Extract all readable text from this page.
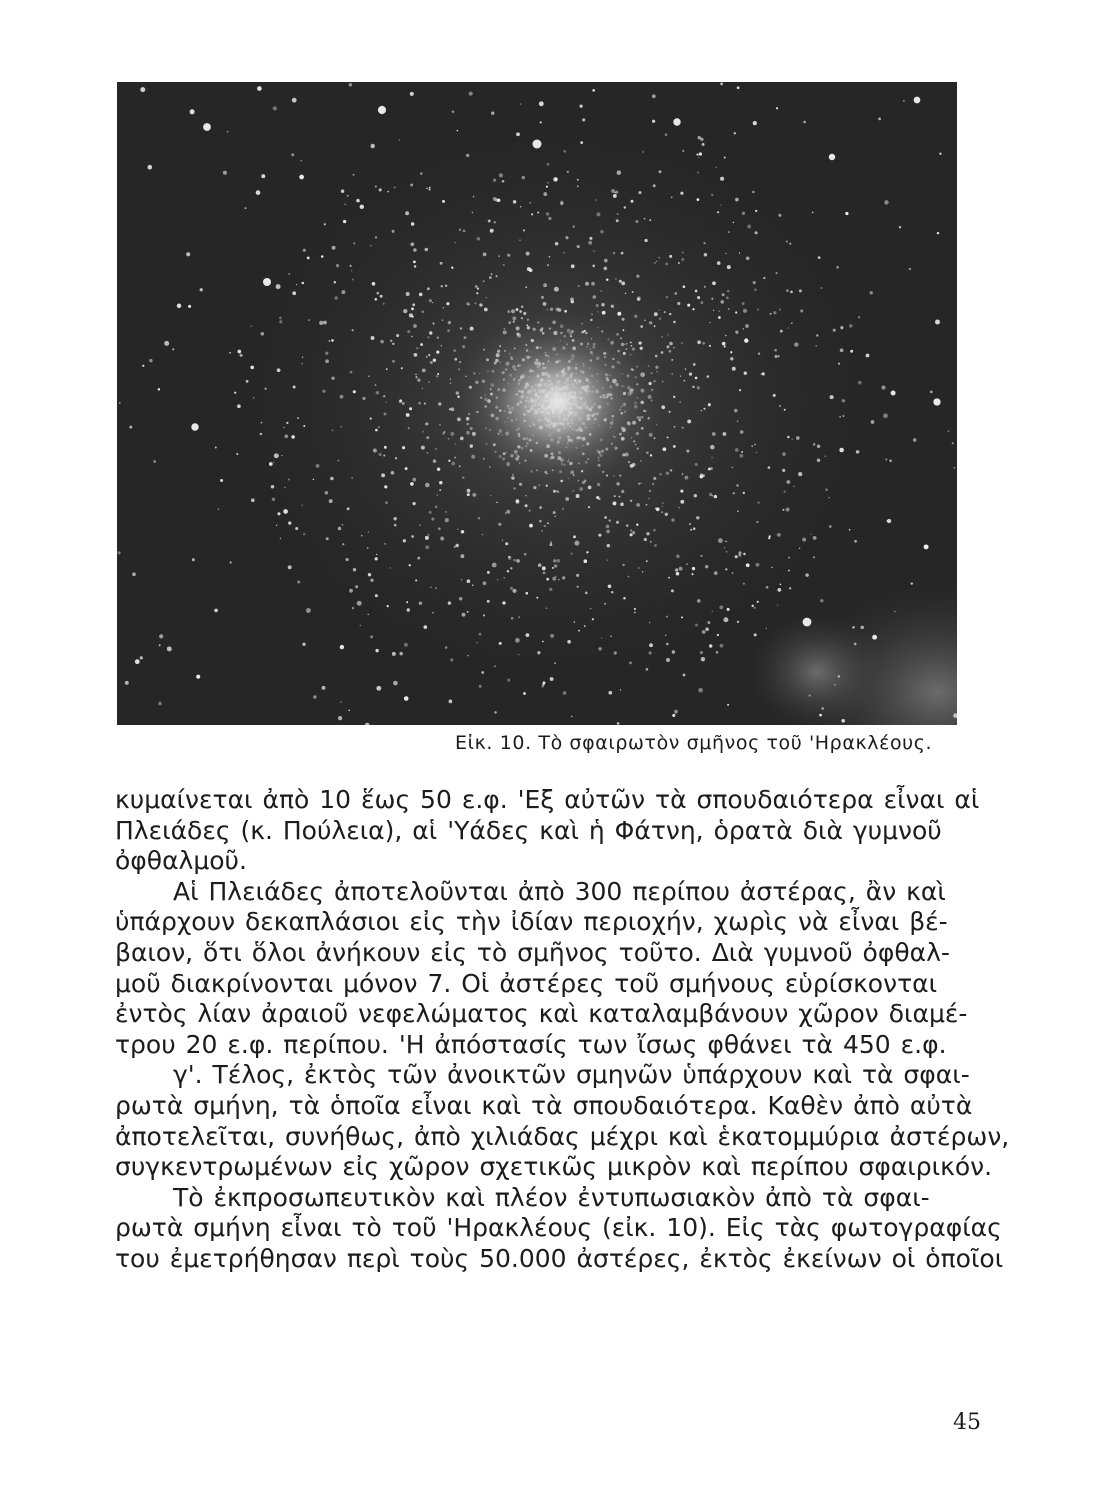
Εἰκ. 10. Τὸ σφαιρωτὸν σμῆνος τοῦ 'Ηρακλέους.
κυμαίνεται ἀπὸ 10 ἕως 50 ε.φ. 'Εξ αὐτῶν τὰ σπουδαιότερα εἶναι αἱ
Πλειάδες (κ. Πούλεια), αἱ 'Υάδες καὶ ἡ Φάτνη, ὁρατὰ διὰ γυμνοῦ
ὀφθαλμοῦ.
Αἱ Πλειάδες ἀποτελοῦνται ἀπὸ 300 περίπου ἀστέρας, ἂν καὶ
ὑπάρχουν δεκαπλάσιοι εἰς τὴν ἰδίαν περιοχήν, χωρὶς νὰ εἶναι βέ-
βαιον, ὅτι ὅλοι ἀνήκουν εἰς τὸ σμῆνος τοῦτο. Διὰ γυμνοῦ ὀφθαλ-
μοῦ διακρίνονται μόνον 7. Οἱ ἀστέρες τοῦ σμήνους εὑρίσκονται
ἐντὸς λίαν ἀραιοῦ νεφελώματος καὶ καταλαμβάνουν χῶρον διαμέ-
τρου 20 ε.φ. περίπου. 'Η ἀπόστασίς των ἴσως φθάνει τὰ 450 ε.φ.
γ'. Τέλος, ἐκτὸς τῶν ἀνοικτῶν σμηνῶν ὑπάρχουν καὶ τὰ σφαι-
ρωτὰ σμήνη, τὰ ὁποῖα εἶναι καὶ τὰ σπουδαιότερα. Καθὲν ἀπὸ αὐτὰ
ἀποτελεῖται, συνήθως, ἀπὸ χιλιάδας μέχρι καὶ ἑκατομμύρια ἀστέρων,
συγκεντρωμένων εἰς χῶρον σχετικῶς μικρὸν καὶ περίπου σφαιρικόν.
Τὸ ἐκπροσωπευτικὸν καὶ πλέον ἐντυπωσιακὸν ἀπὸ τὰ σφαι-
ρωτὰ σμήνη εἶναι τὸ τοῦ 'Ηρακλέους (εἰκ. 10). Εἰς τὰς φωτογραφίας
του ἐμετρήθησαν περὶ τοὺς 50.000 ἀστέρες, ἐκτὸς ἐκείνων οἱ ὁποῖοι
45
